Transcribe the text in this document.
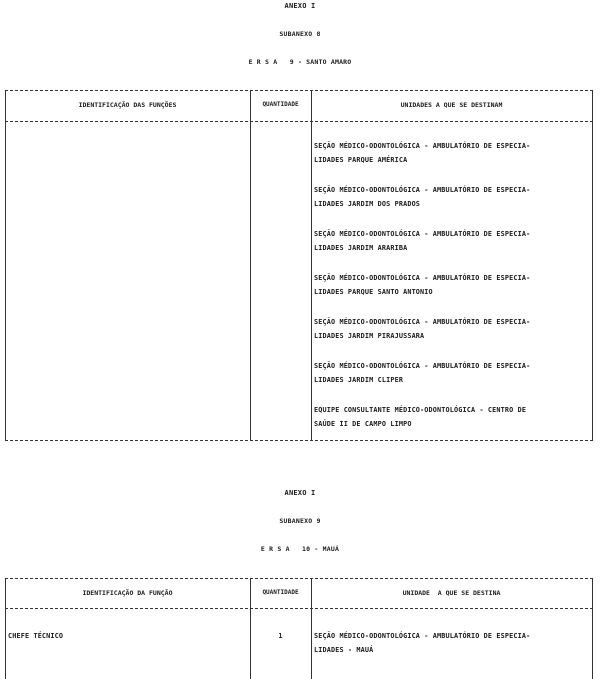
ANEXO I
SUBANEXO 8
E R S A   9 - SANTO AMARO
IDENTIFICAÇÃO DAS FUNÇÕES	QUANTIDADE	UNIDADES A QUE SE DESTINAM
SEÇÃO MÉDICO-ODONTOLÓGICA - AMBULATÓRIO DE ESPECIA-
LIDADES PARQUE AMÉRICA
SEÇÃO MÉDICO-ODONTOLÓGICA - AMBULATÓRIO DE ESPECIA-
LIDADES JARDIM DOS PRADOS
SEÇÃO MÉDICO-ODONTOLÓGICA - AMBULATÓRIO DE ESPECIA-
LIDADES JARDIM ARARIBA
SEÇÃO MÉDICO-ODONTOLÓGICA - AMBULATÓRIO DE ESPECIA-
LIDADES PARQUE SANTO ANTONIO
SEÇÃO MÉDICO-ODONTOLÓGICA - AMBULATÓRIO DE ESPECIA-
LIDADES JARDIM PIRAJUSSARA
SEÇÃO MÉDICO-ODONTOLÓGICA - AMBULATÓRIO DE ESPECIA-
LIDADES JARDIM CLIPER
EQUIPE CONSULTANTE MÉDICO-ODONTOLÓGICA - CENTRO DE
SAÚDE II DE CAMPO LIMPO
ANEXO I
SUBANEXO 9
E R S A   10 - MAUÁ
IDENTIFICAÇÃO DA FUNÇÃO	QUANTIDADE	UNIDADE  A QUE SE DESTINA
CHEFE TÉCNICO	1	SEÇÃO MÉDICO-ODONTOLÓGICA - AMBULATÓRIO DE ESPECIA-
LIDADES - MAUÁ
